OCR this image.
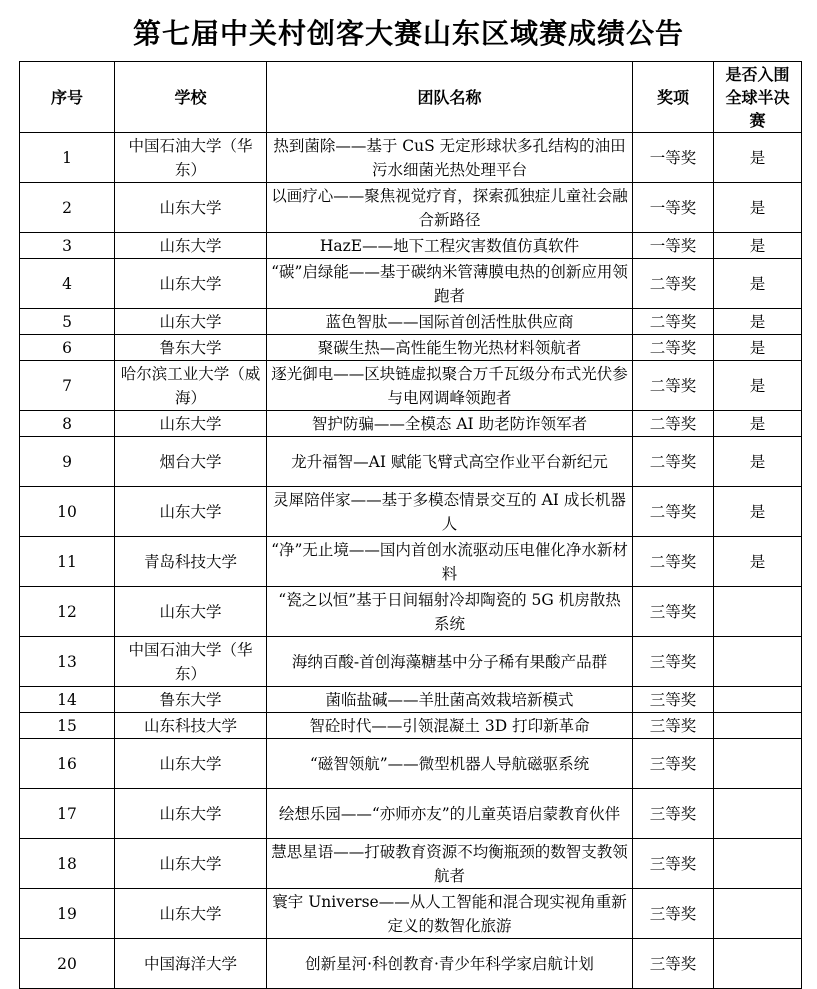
第七届中关村创客大赛山东区域赛成绩公告
序号	学校	团队名称	奖项	是否入围全球半决赛
1	中国石油大学（华东）	热到菌除——基于 CuS 无定形球状多孔结构的油田污水细菌光热处理平台	一等奖	是
2	山东大学	以画疗心——聚焦视觉疗育，探索孤独症儿童社会融合新路径	一等奖	是
3	山东大学	HazE——地下工程灾害数值仿真软件	一等奖	是
4	山东大学	“碳”启绿能——基于碳纳米管薄膜电热的创新应用领跑者	二等奖	是
5	山东大学	蓝色智肽——国际首创活性肽供应商	二等奖	是
6	鲁东大学	聚碳生热—高性能生物光热材料领航者	二等奖	是
7	哈尔滨工业大学（威海）	逐光御电——区块链虚拟聚合万千瓦级分布式光伏参与电网调峰领跑者	二等奖	是
8	山东大学	智护防骗——全模态 AI 助老防诈领军者	二等奖	是
9	烟台大学	龙升福智—AI 赋能飞臂式高空作业平台新纪元	二等奖	是
10	山东大学	灵犀陪伴家——基于多模态情景交互的 AI 成长机器人	二等奖	是
11	青岛科技大学	“净”无止境——国内首创水流驱动压电催化净水新材料	二等奖	是
12	山东大学	“瓷之以恒”基于日间辐射冷却陶瓷的 5G 机房散热系统	三等奖	
13	中国石油大学（华东）	海纳百酸-首创海藻糖基中分子稀有果酸产品群	三等奖	
14	鲁东大学	菌临盐碱——羊肚菌高效栽培新模式	三等奖	
15	山东科技大学	智砼时代——引领混凝土 3D 打印新革命	三等奖	
16	山东大学	“磁智领航”——微型机器人导航磁驱系统	三等奖	
17	山东大学	绘想乐园——“亦师亦友”的儿童英语启蒙教育伙伴	三等奖	
18	山东大学	慧思星语——打破教育资源不均衡瓶颈的数智支教领航者	三等奖	
19	山东大学	寰宇 Universe——从人工智能和混合现实视角重新定义的数智化旅游	三等奖	
20	中国海洋大学	创新星河·科创教育·青少年科学家启航计划	三等奖	
